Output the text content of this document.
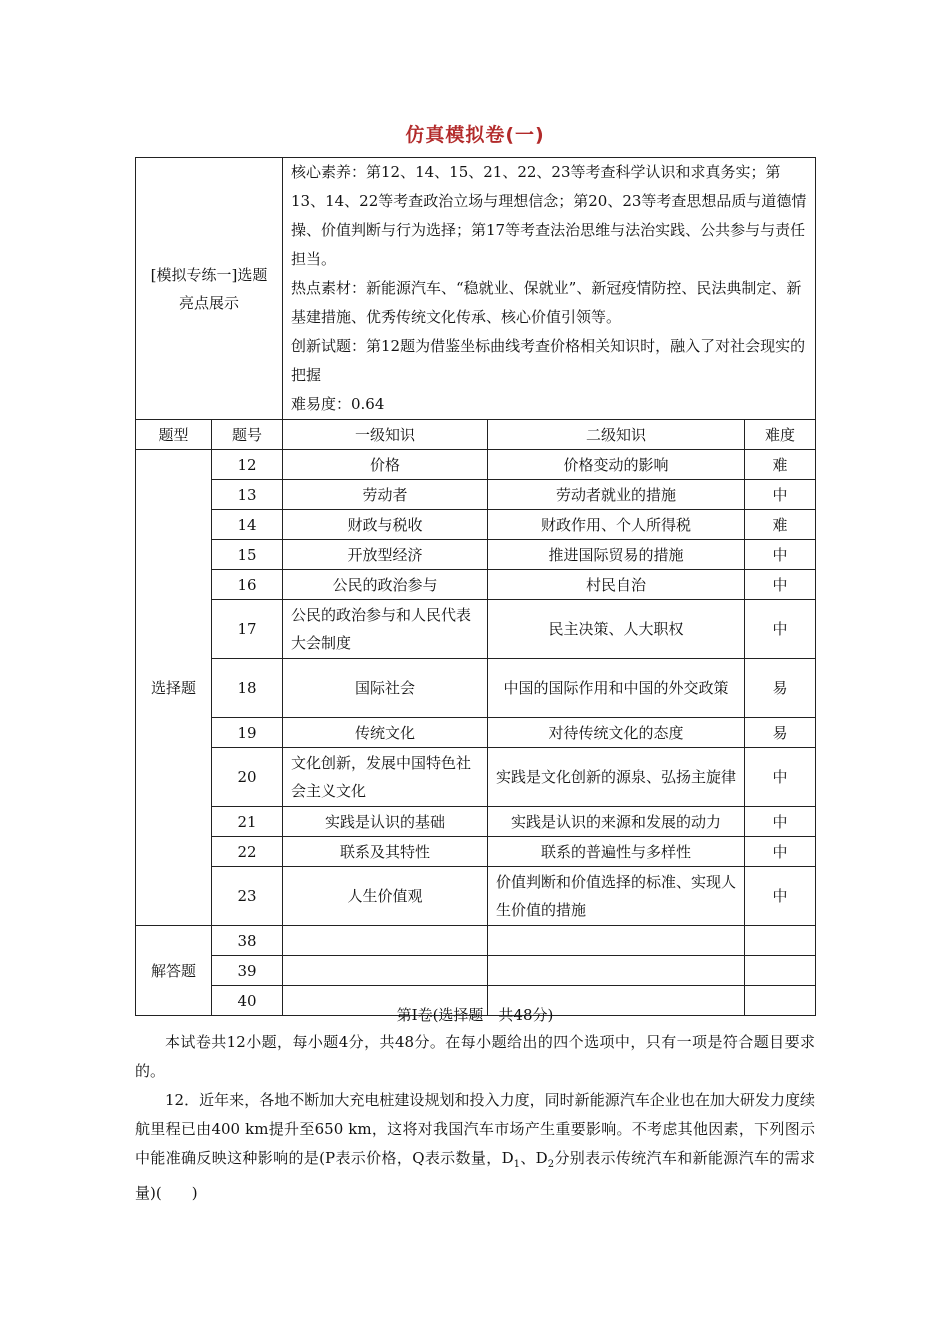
仿真模拟卷(一)
[模拟专练一]选题亮点展示		核心素养：第12、14、15、21、22、23等考查科学认识和求真务实；第13、14、22等考查政治立场与理想信念；第20、23等考查思想品质与道德情操、价值判断与行为选择；第17等考查法治思维与法治实践、公共参与与责任担当。

热点素材：新能源汽车、“稳就业、保就业”、新冠疫情防控、民法典制定、新基建措施、优秀传统文化传承、核心价值引领等。

创新试题：第12题为借鉴坐标曲线考查价格相关知识时，融入了对社会现实的把握

难易度：0.64		

题型	题号	一级知识	二级知识	难度
选择题	12	价格	价格变动的影响	难
	13	劳动者	劳动者就业的措施	中
	14	财政与税收	财政作用、个人所得税	难
	15	开放型经济	推进国际贸易的措施	中
	16	公民的政治参与	村民自治	中
	17	公民的政治参与和人民代表大会制度	民主决策、人大职权	中
	18	国际社会	中国的国际作用和中国的外交政策	易
	19	传统文化	对待传统文化的态度	易
	20	文化创新，发展中国特色社会主义文化	实践是文化创新的源泉、弘扬主旋律	中
	21	实践是认识的基础	实践是认识的来源和发展的动力	中
	22	联系及其特性	联系的普遍性与多样性	中
	23	人生价值观	价值判断和价值选择的标准、实现人生价值的措施	中
解答题	38			
	39			
	40			
第Ⅰ卷(选择题　共48分)

本试卷共12小题，每小题4分，共48分。在每小题给出的四个选项中，只有一项是符合题目要求的。

12．近年来，各地不断加大充电桩建设规划和投入力度，同时新能源汽车企业也在加大研发力度续航里程已由400 km提升至650 km，这将对我国汽车市场产生重要影响。不考虑其他因素，下列图示中能准确反映这种影响的是(P表示价格，Q表示数量，$D_1$、$D_2$分别表示传统汽车和新能源汽车的需求量)(　　)
